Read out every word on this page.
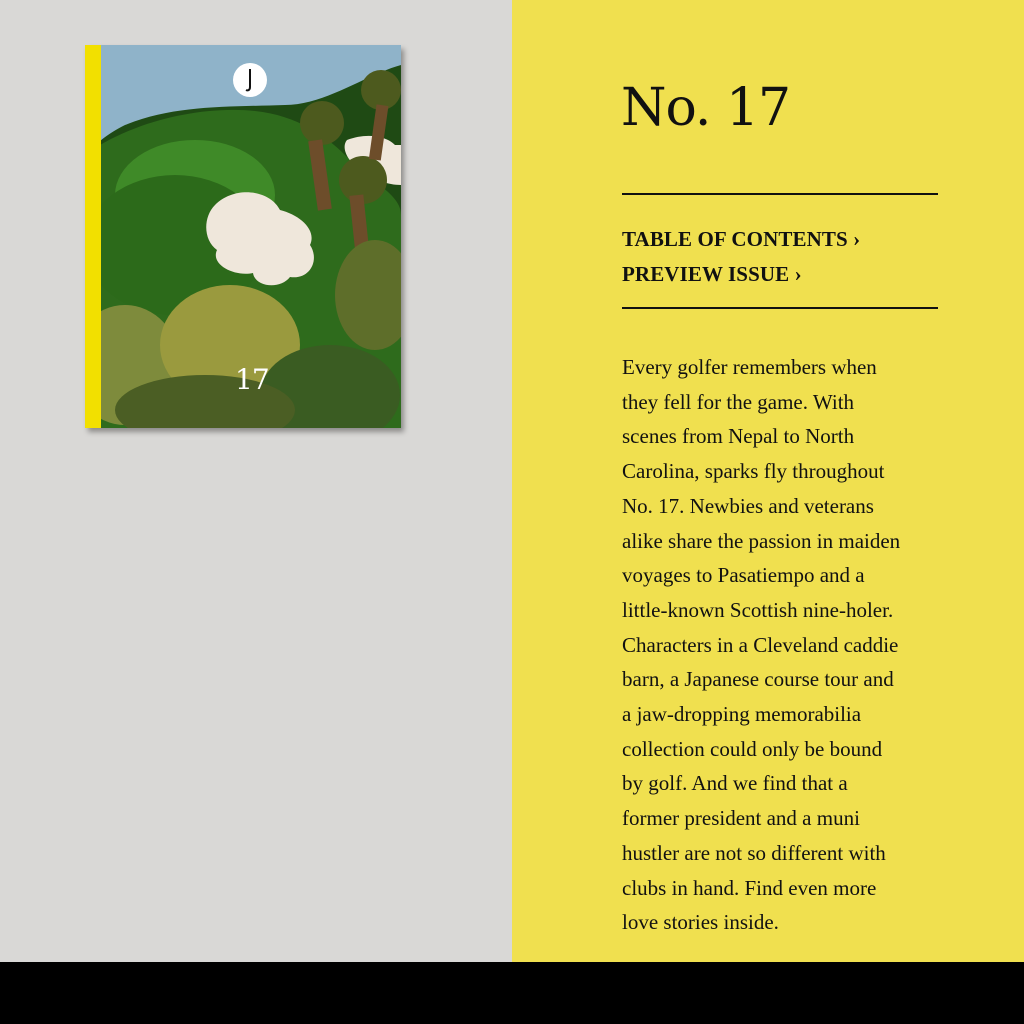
17
No. 17
TABLE OF CONTENTS ›
PREVIEW ISSUE ›

Every golfer remembers when
they fell for the game. With
scenes from Nepal to North
Carolina, sparks fly throughout
No. 17. Newbies and veterans
alike share the passion in maiden
voyages to Pasatiempo and a
little-known Scottish nine-holer.
Characters in a Cleveland caddie
barn, a Japanese course tour and
a jaw-dropping memorabilia
collection could only be bound
by golf. And we find that a
former president and a muni
hustler are not so different with
clubs in hand. Find even more
love stories inside.
